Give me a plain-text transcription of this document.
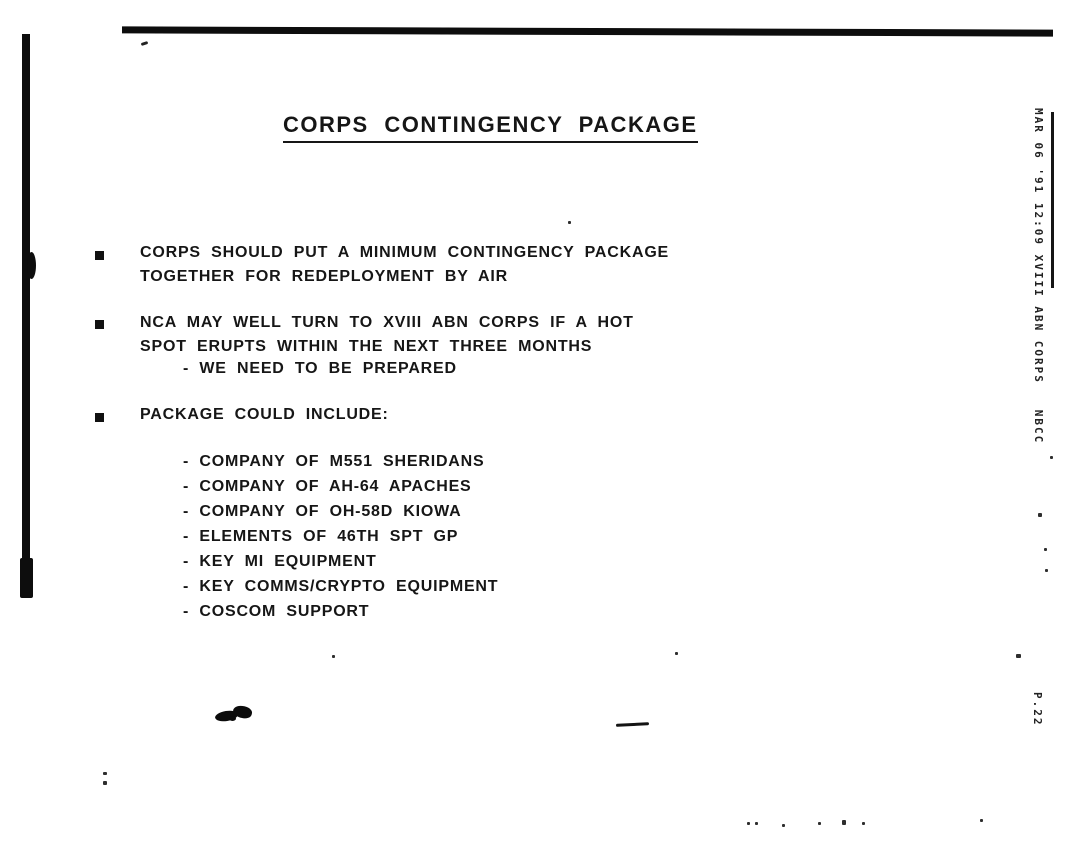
CORPS CONTINGENCY PACKAGE
CORPS SHOULD PUT A MINIMUM CONTINGENCY PACKAGE
TOGETHER FOR REDEPLOYMENT BY AIR
NCA MAY WELL TURN TO XVIII ABN CORPS IF A HOT
SPOT ERUPTS WITHIN THE NEXT THREE MONTHS
- WE NEED TO BE PREPARED
PACKAGE COULD INCLUDE:
- COMPANY OF M551 SHERIDANS
- COMPANY OF AH-64 APACHES
- COMPANY OF OH-58D KIOWA
- ELEMENTS OF 46TH SPT GP
- KEY MI EQUIPMENT
- KEY COMMS/CRYPTO EQUIPMENT
- COSCOM SUPPORT
MAR 06 '91 12:09 XVIII ABN CORPS   NBCC
P.22
